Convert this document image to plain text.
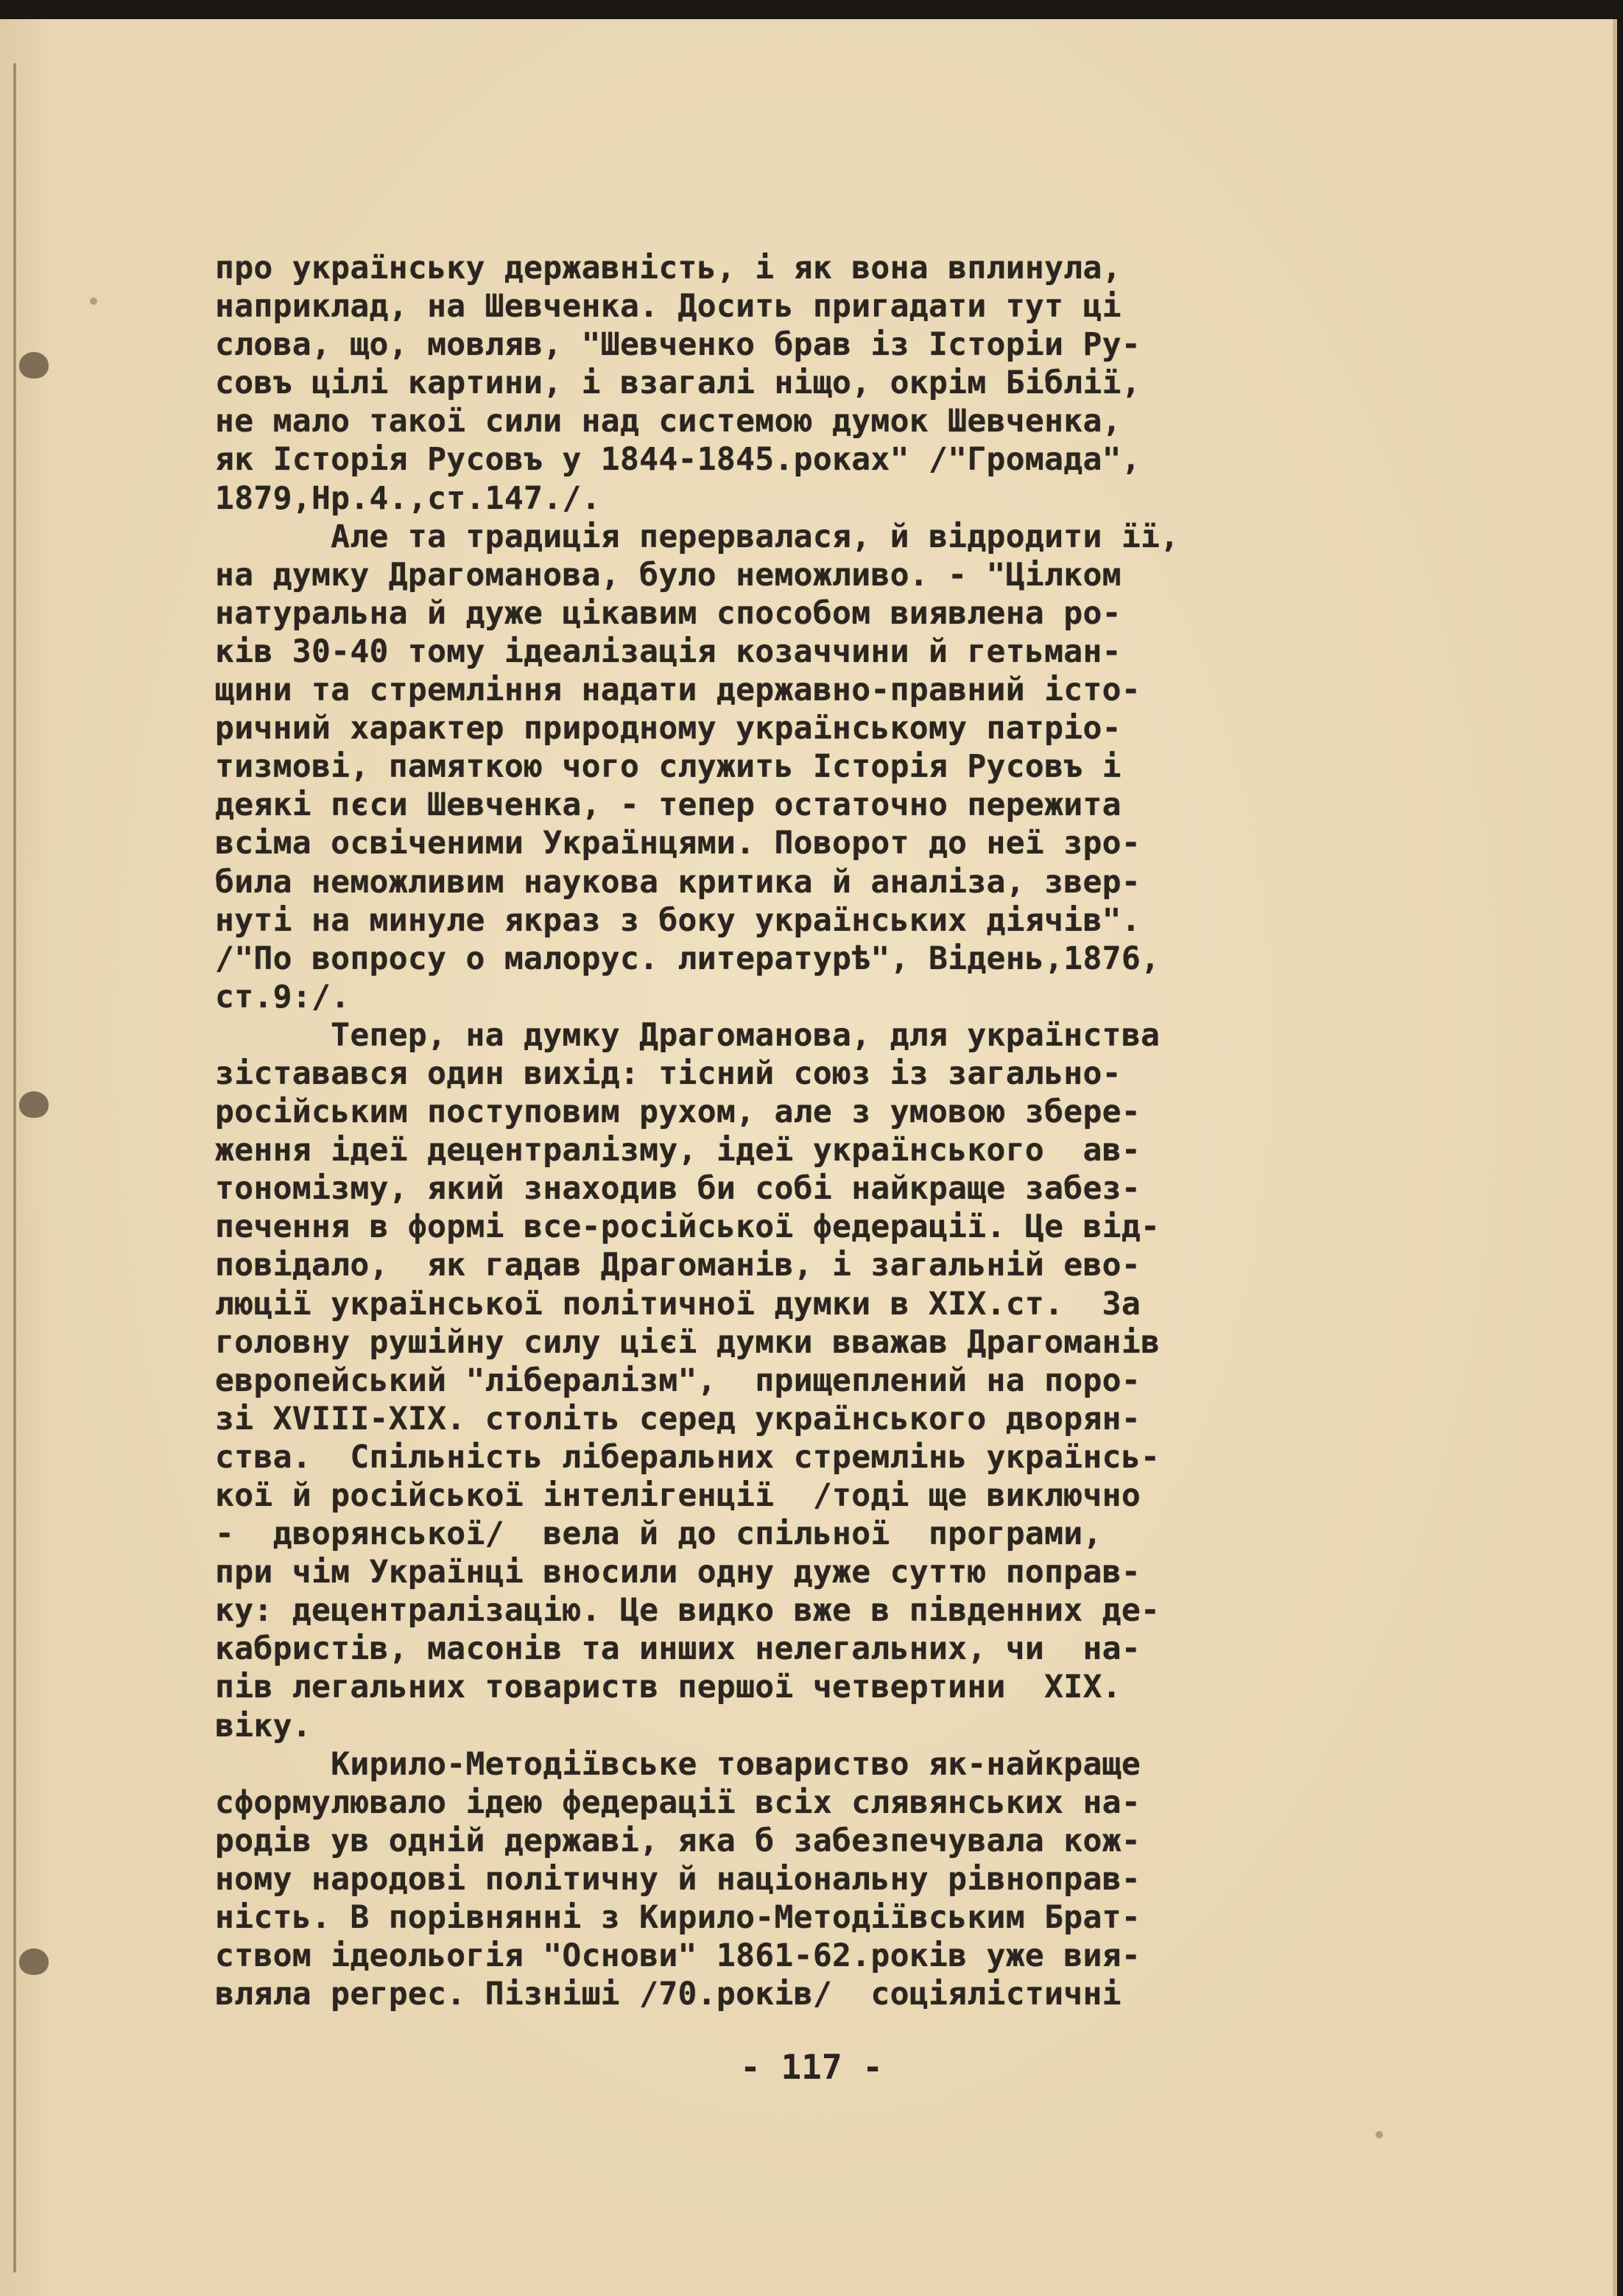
про українську державність, і як вона вплинула,
наприклад, на Шевченка. Досить пригадати тут ці
слова, що, мовляв, "Шевченко брав із Історіи Ру-
совъ цілі картини, і взагалі ніщо, окрім Біблії,
не мало такої сили над системою думок Шевченка,
як Історія Русовъ у 1844-1845.роках" /"Громада",
1879,Нр.4.,ст.147./.
Але та традиція перервалася, й відродити її,
на думку Драгоманова, було неможливо. - "Цілком
натуральна й дуже цікавим способом виявлена ро-
ків 30-40 тому ідеалізація козаччини й гетьман-
щини та стремління надати державно-правний істо-
ричний характер природному українському патріо-
тизмові, памяткою чого служить Історія Русовъ і
деякі пєси Шевченка, - тепер остаточно пережита
всіма освіченими Українцями. Поворот до неї зро-
била неможливим наукова критика й аналіза, звер-
нуті на минуле якраз з боку українських діячів".
/"По вопросу о малорус. литературѣ", Відень,1876,
ст.9:/.
Тепер, на думку Драгоманова, для українства
зіставався один вихід: тісний союз із загально-
російським поступовим рухом, але з умовою збере-
ження ідеї децентралізму, ідеї українського  ав-
тономізму, який знаходив би собі найкраще забез-
печення в формі все-російської федерації. Це від-
повідало,  як гадав Драгоманів, і загальній ево-
люції української політичної думки в XIX.ст.  За
головну рушійну силу цієї думки вважав Драгоманів
европейський "лібералізм",  прищеплений на поро-
зі XVIII-XIX. століть серед українського дворян-
ства.  Спільність ліберальних стремлінь українсь-
кої й російської інтелігенції  /тоді ще виключно
-  дворянської/  вела й до спільної  програми,
при чім Українці вносили одну дуже суттю поправ-
ку: децентралізацію. Це видко вже в південних де-
кабристів, масонів та инших нелегальних, чи  на-
пів легальних товариств першої четвертини  XIX.
віку.
Кирило-Методіївське товариство як-найкраще
сформулювало ідею федерації всіх слявянських на-
родів ув одній державі, яка б забезпечувала кож-
ному народові політичну й національну рівноправ-
ність. В порівнянні з Кирило-Методіївським Брат-
ством ідеольогія "Основи" 1861-62.років уже вия-
вляла регрес. Пізніші /70.років/  соціялістичні
- 117 -
